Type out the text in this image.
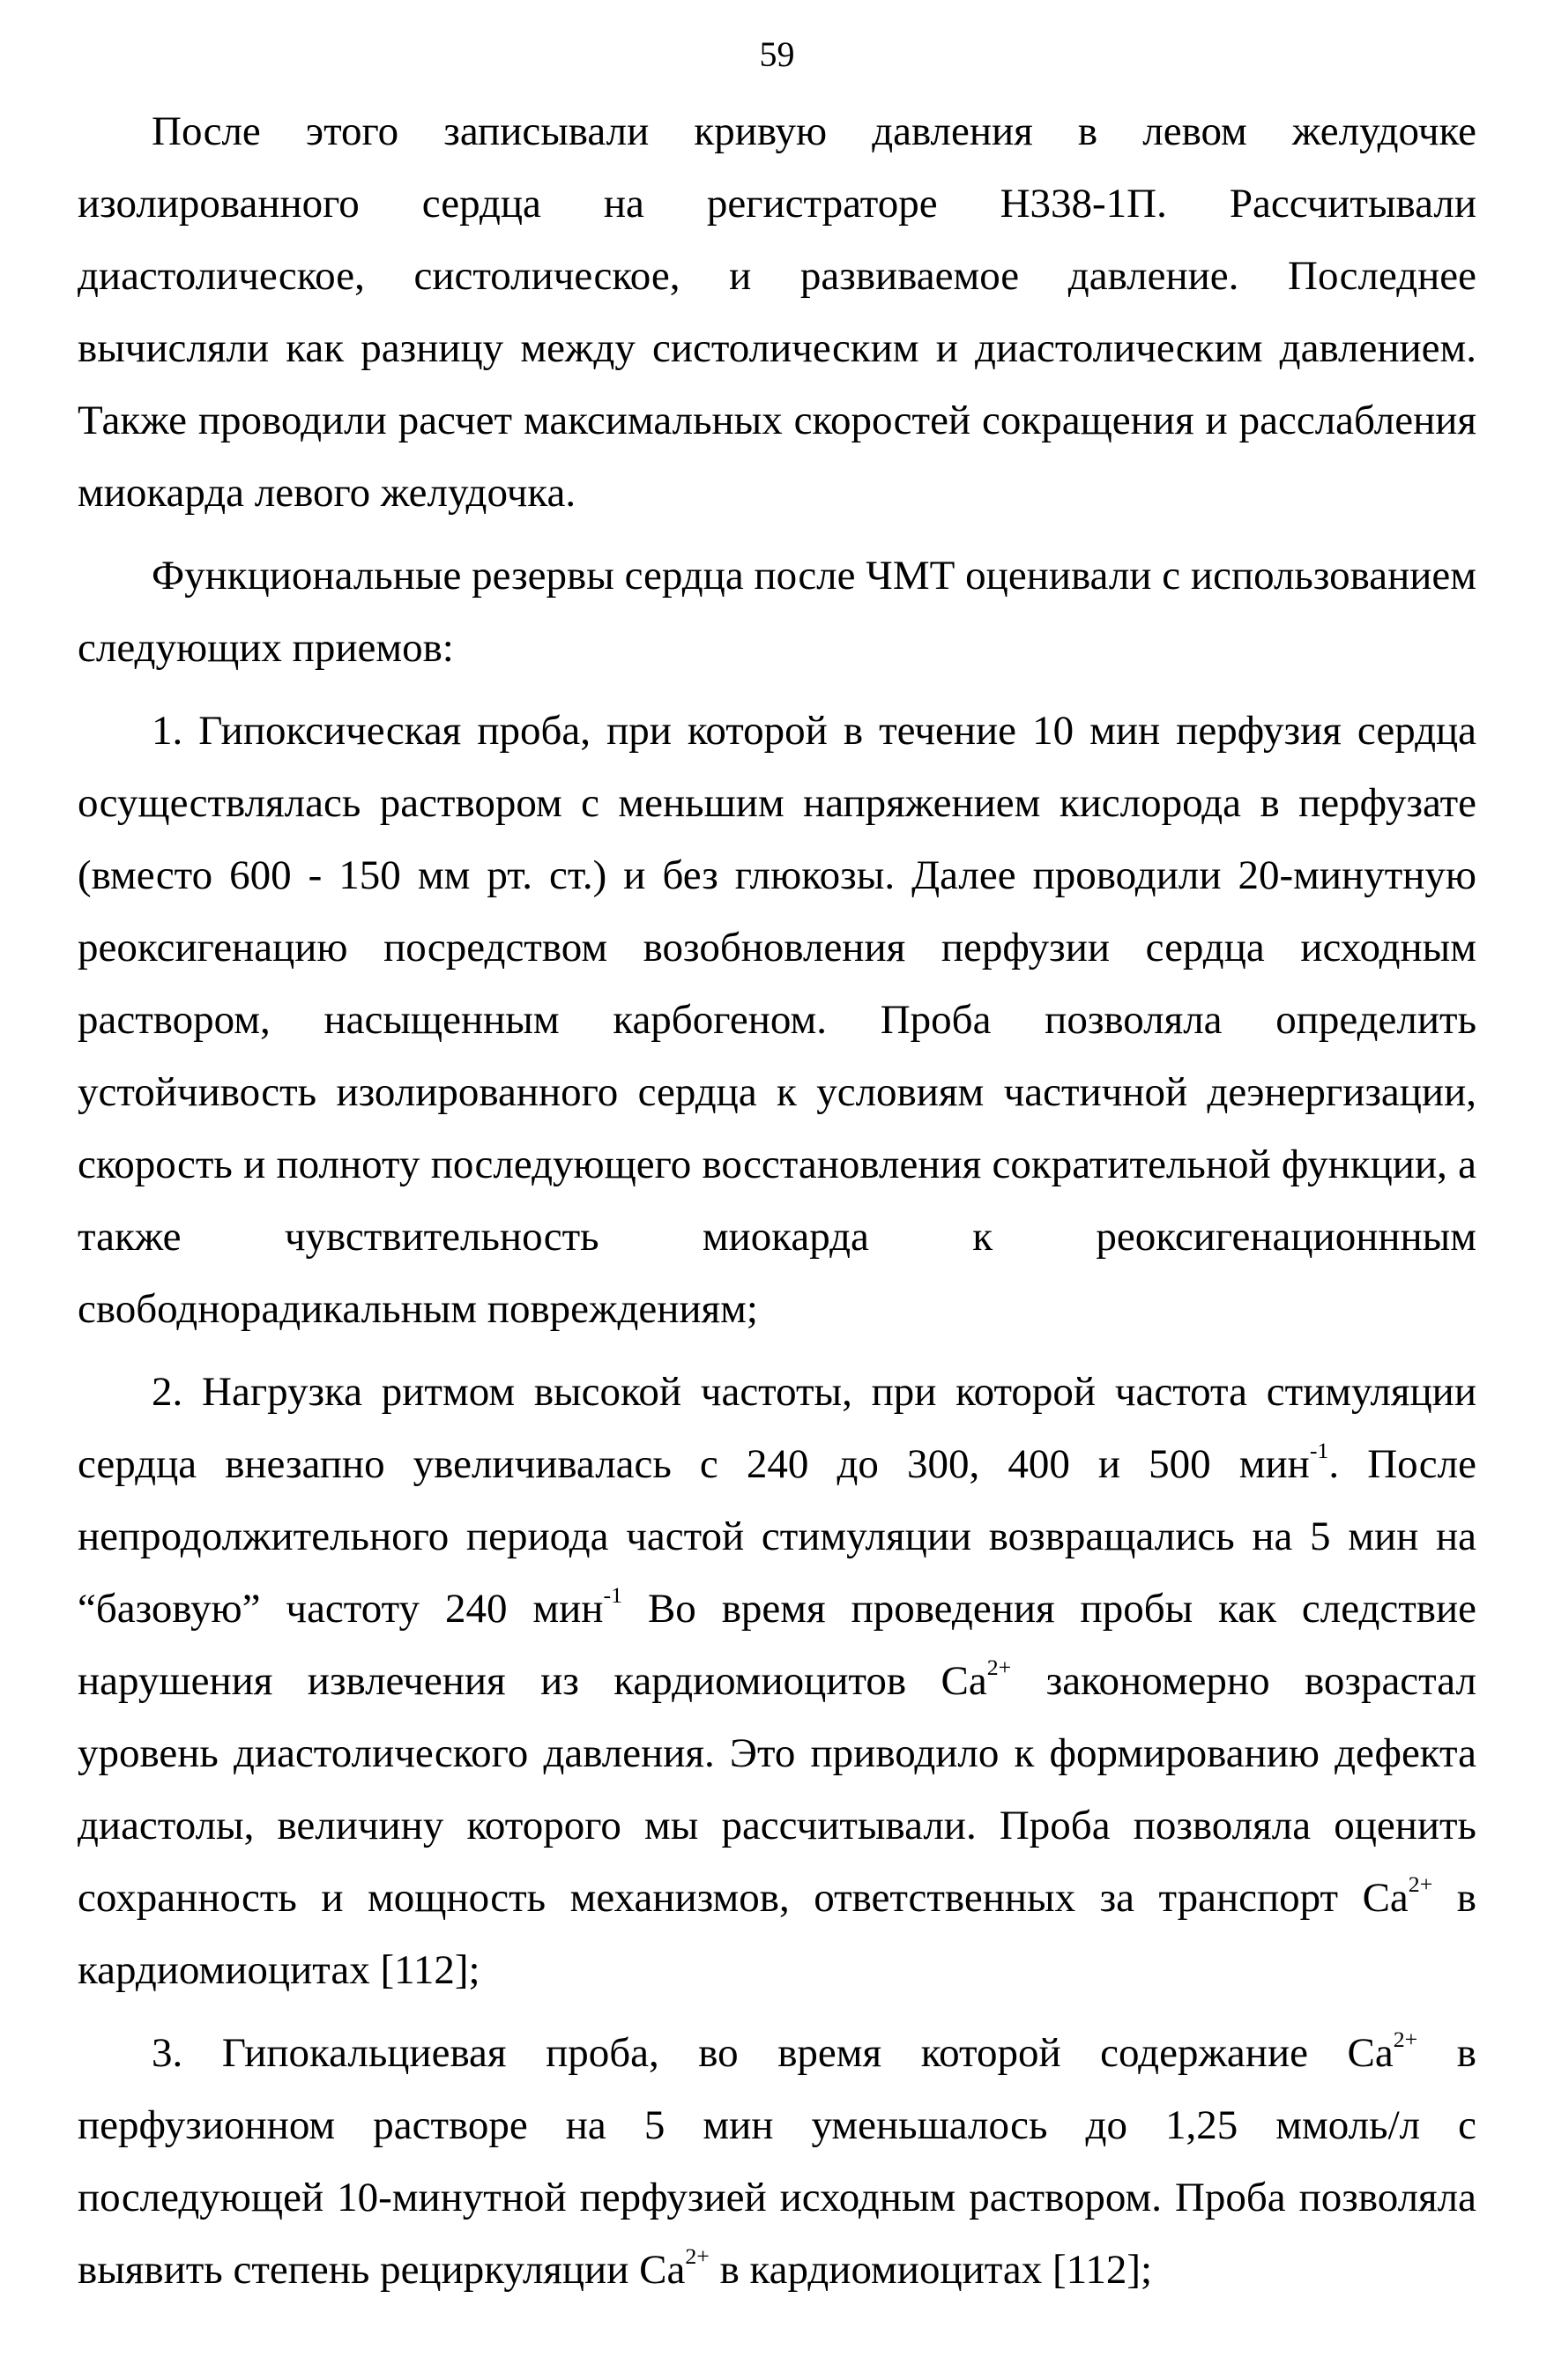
59

После этого записывали кривую давления в левом желудочке изолированного сердца на регистраторе Н338-1П. Рассчитывали диастолическое, систолическое, и развиваемое давление. Последнее вычисляли как разницу между систолическим и диастолическим давлением. Также проводили расчет максимальных скоростей сокращения и расслабления миокарда левого желудочка.

Функциональные резервы сердца после ЧМТ оценивали с использованием следующих приемов:

1. Гипоксическая проба, при которой в течение 10 мин перфузия сердца осуществлялась раствором с меньшим напряжением кислорода в перфузате (вместо 600 - 150 мм рт. ст.) и без глюкозы. Далее проводили 20-минутную реоксигенацию посредством возобновления перфузии сердца исходным раствором, насыщенным карбогеном. Проба позволяла определить устойчивость изолированного сердца к условиям частичной деэнергизации, скорость и полноту последующего восстановления сократительной функции, а также чувствительность миокарда к реоксигенационнным свободнорадикальным повреждениям;

2. Нагрузка ритмом высокой частоты, при которой частота стимуляции сердца внезапно увеличивалась с 240 до 300, 400 и 500 мин$^{-1}$. После непродолжительного периода частой стимуляции возвращались на 5 мин на “базовую” частоту 240 мин$^{-1}$ Во время проведения пробы как следствие нарушения извлечения из кардиомиоцитов $Ca^{2+}$ закономерно возрастал уровень диастолического давления. Это приводило к формированию дефекта диастолы, величину которого мы рассчитывали. Проба позволяла оценить сохранность и мощность механизмов, ответственных за транспорт $Ca^{2+}$ в кардиомиоцитах [112];

3. Гипокальциевая проба, во время которой содержание $Ca^{2+}$ в перфузионном растворе на 5 мин уменьшалось до 1,25 ммоль/л с последующей 10-минутной перфузией исходным раствором. Проба позволяла выявить степень рециркуляции $Ca^{2+}$ в кардиомиоцитах [112];
